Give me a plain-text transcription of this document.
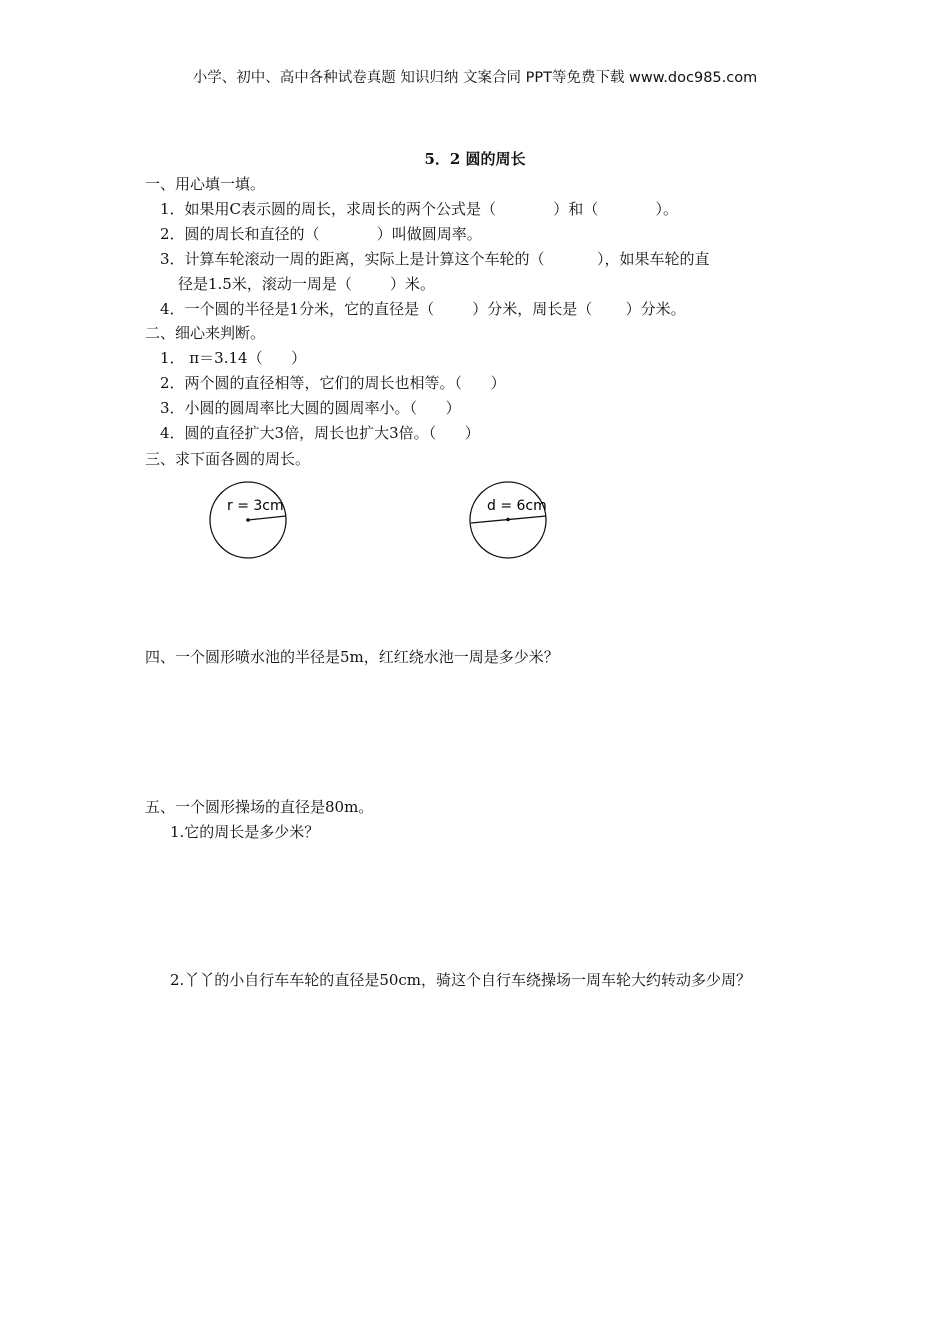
小学、初中、高中各种试卷真题 知识归纳 文案合同 PPT等免费下载 www.doc985.com
5．2 圆的周长
一、用心填一填。
1．如果用C表示圆的周长，求周长的两个公式是（            ）和（            ）。
2．圆的周长和直径的（            ）叫做圆周率。
3．计算车轮滚动一周的距离，实际上是计算这个车轮的（           ），如果车轮的直
径是1.5米，滚动一周是（        ）米。
4．一个圆的半径是1分米，它的直径是（        ）分米，周长是（       ）分米。
二、细心来判断。
1． π＝3.14（      ）
2．两个圆的直径相等，它们的周长也相等。（      ）
3．小圆的圆周率比大圆的圆周率小。（      ）
4．圆的直径扩大3倍，周长也扩大3倍。（      ）
三、求下面各圆的周长。
r = 3cm	d = 6cm
四、一个圆形喷水池的半径是5m，红红绕水池一周是多少米？
五、一个圆形操场的直径是80m。
1.它的周长是多少米？
2.丫丫的小自行车车轮的直径是50cm，骑这个自行车绕操场一周车轮大约转动多少周？
